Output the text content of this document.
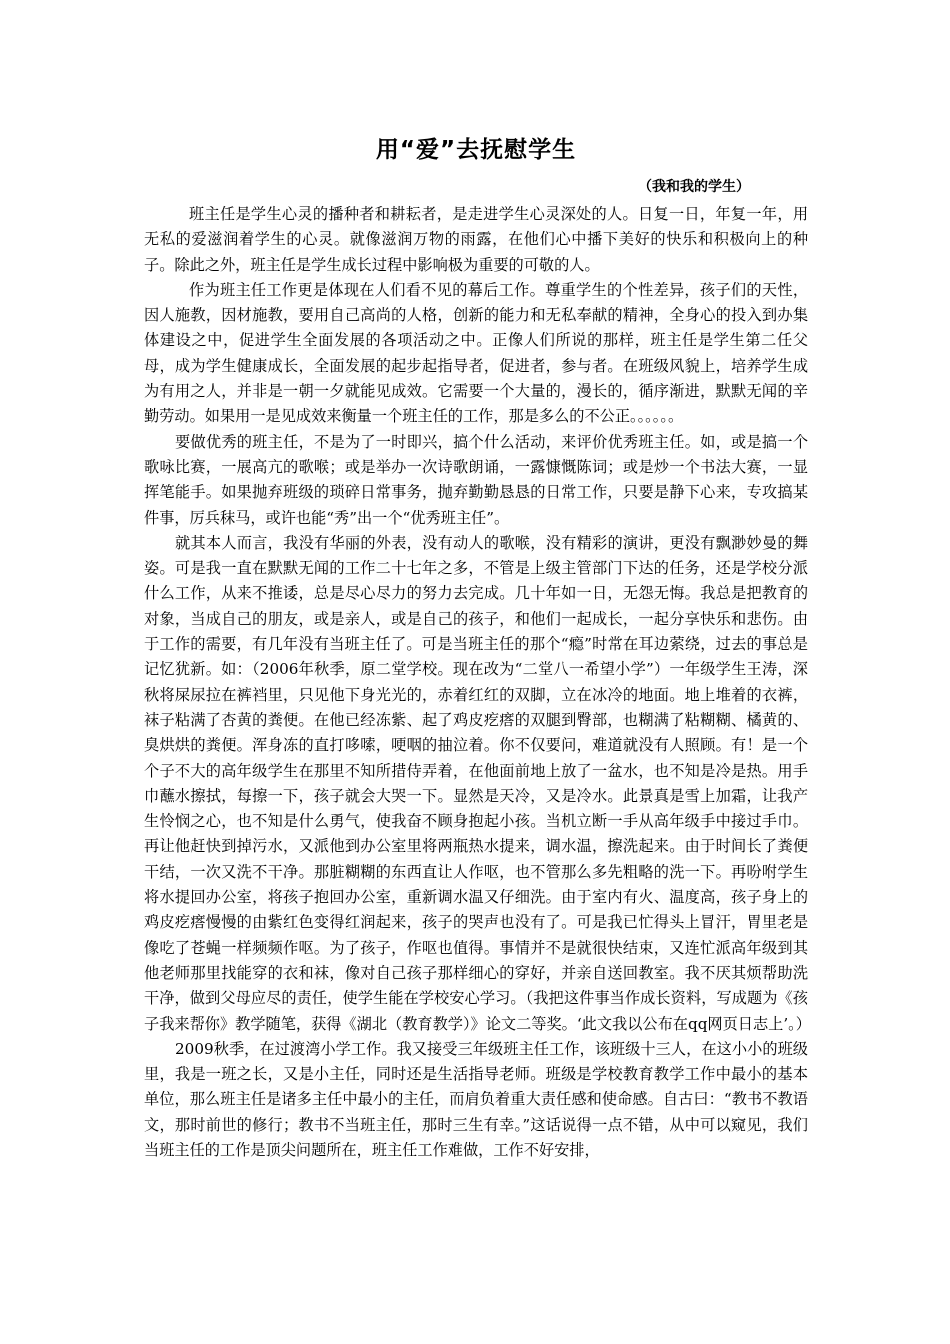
用“爱”去抚慰学生
（我和我的学生）

班主任是学生心灵的播种者和耕耘者，是走进学生心灵深处的人。日复一日，年复一年，用无私的爱滋润着学生的心灵。就像滋润万物的雨露，在他们心中播下美好的快乐和积极向上的种子。除此之外，班主任是学生成长过程中影响极为重要的可敬的人。

作为班主任工作更是体现在人们看不见的幕后工作。尊重学生的个性差异，孩子们的天性，因人施教，因材施教，要用自己高尚的人格，创新的能力和无私奉献的精神，全身心的投入到办集体建设之中，促进学生全面发展的各项活动之中。正像人们所说的那样，班主任是学生第二任父母，成为学生健康成长，全面发展的起步起指导者，促进者，参与者。在班级风貌上，培养学生成为有用之人，并非是一朝一夕就能见成效。它需要一个大量的，漫长的，循序渐进，默默无闻的辛勤劳动。如果用一是见成效来衡量一个班主任的工作，那是多么的不公正。。。。。。

要做优秀的班主任，不是为了一时即兴，搞个什么活动，来评价优秀班主任。如，或是搞一个歌咏比赛，一展高亢的歌喉；或是举办一次诗歌朗诵，一露慷慨陈词；或是炒一个书法大赛，一显挥笔能手。如果抛弃班级的琐碎日常事务，抛弃勤勤恳恳的日常工作，只要是静下心来，专攻搞某件事，厉兵秣马，或许也能“秀”出一个“优秀班主任”。

就其本人而言，我没有华丽的外表，没有动人的歌喉，没有精彩的演讲，更没有飘渺妙曼的舞姿。可是我一直在默默无闻的工作二十七年之多，不管是上级主管部门下达的任务，还是学校分派什么工作，从来不推诿，总是尽心尽力的努力去完成。几十年如一日，无怨无悔。我总是把教育的对象，当成自己的朋友，或是亲人，或是自己的孩子，和他们一起成长，一起分享快乐和悲伤。由于工作的需要，有几年没有当班主任了。可是当班主任的那个“瘾”时常在耳边萦绕，过去的事总是记忆犹新。如：（2006年秋季，原二堂学校。现在改为“二堂八一希望小学”）一年级学生王涛，深秋将屎尿拉在裤裆里，只见他下身光光的，赤着红红的双脚，立在冰冷的地面。地上堆着的衣裤，袜子粘满了杏黄的粪便。在他已经冻紫、起了鸡皮疙瘩的双腿到臀部，也糊满了粘糊糊、橘黄的、臭烘烘的粪便。浑身冻的直打哆嗦，哽咽的抽泣着。你不仅要问，难道就没有人照顾。有！是一个个子不大的高年级学生在那里不知所措侍弄着，在他面前地上放了一盆水，也不知是冷是热。用手巾蘸水擦拭，每擦一下，孩子就会大哭一下。显然是天冷，又是冷水。此景真是雪上加霜，让我产生怜悯之心，也不知是什么勇气，使我奋不顾身抱起小孩。当机立断一手从高年级手中接过手巾。再让他赶快到掉污水，又派他到办公室里将两瓶热水提来，调水温，擦洗起来。由于时间长了粪便干结，一次又洗不干净。那脏糊糊的东西直让人作呕，也不管那么多先粗略的洗一下。再吩咐学生将水提回办公室，将孩子抱回办公室，重新调水温又仔细洗。由于室内有火、温度高，孩子身上的鸡皮疙瘩慢慢的由紫红色变得红润起来，孩子的哭声也没有了。可是我已忙得头上冒汗，胃里老是像吃了苍蝇一样频频作呕。为了孩子，作呕也值得。事情并不是就很快结束，又连忙派高年级到其他老师那里找能穿的衣和袜，像对自己孩子那样细心的穿好，并亲自送回教室。我不厌其烦帮助洗干净，做到父母应尽的责任，使学生能在学校安心学习。（我把这件事当作成长资料，写成题为《孩子我来帮你》教学随笔，获得《湖北（教育教学）》论文二等奖。‘此文我以公布在qq网页日志上’。）

2009秋季，在过渡湾小学工作。我又接受三年级班主任工作，该班级十三人，在这小小的班级里，我是一班之长，又是小主任，同时还是生活指导老师。班级是学校教育教学工作中最小的基本单位，那么班主任是诸多主任中最小的主任，而肩负着重大责任感和使命感。自古曰：“教书不教语文，那时前世的修行；教书不当班主任，那时三生有幸。”这话说得一点不错，从中可以窥见，我们当班主任的工作是顶尖问题所在，班主任工作难做，工作不好安排，
